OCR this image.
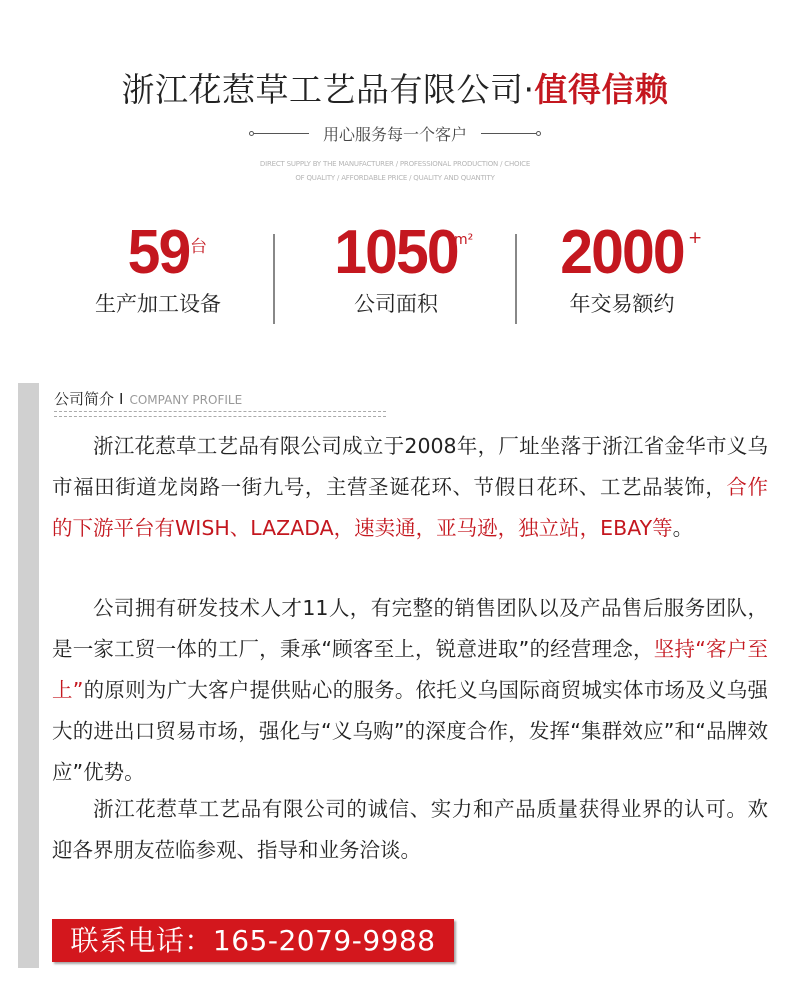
浙江花惹草工艺品有限公司·值得信赖
用心服务每一个客户
DIRECT SUPPLY BY THE MANUFACTURER / PROFESSIONAL PRODUCTION / CHOICE
OF QUALITY / AFFORDABLE PRICE / QUALITY AND QUANTITY
59 台
生产加工设备
1050
m²
公司面积
2000 +
年交易额约
公司简介 I COMPANY PROFILE
浙江花惹草工艺品有限公司成立于2008年，厂址坐落于浙江省金华市义乌市福田街道龙岗路一街九号，主营圣诞花环、节假日花环、工艺品装饰，合作的下游平台有WISH、LAZADA，速卖通，亚马逊，独立站，EBAY等。
公司拥有研发技术人才11人，有完整的销售团队以及产品售后服务团队，是一家工贸一体的工厂，秉承“顾客至上，锐意进取”的经营理念，坚持“客户至上”的原则为广大客户提供贴心的服务。依托义乌国际商贸城实体市场及义乌强大的进出口贸易市场，强化与“义乌购”的深度合作，发挥“集群效应”和“品牌效应”优势。
浙江花惹草工艺品有限公司的诚信、实力和产品质量获得业界的认可。欢迎各界朋友莅临参观、指导和业务洽谈。
联系电话：165-2079-9988
